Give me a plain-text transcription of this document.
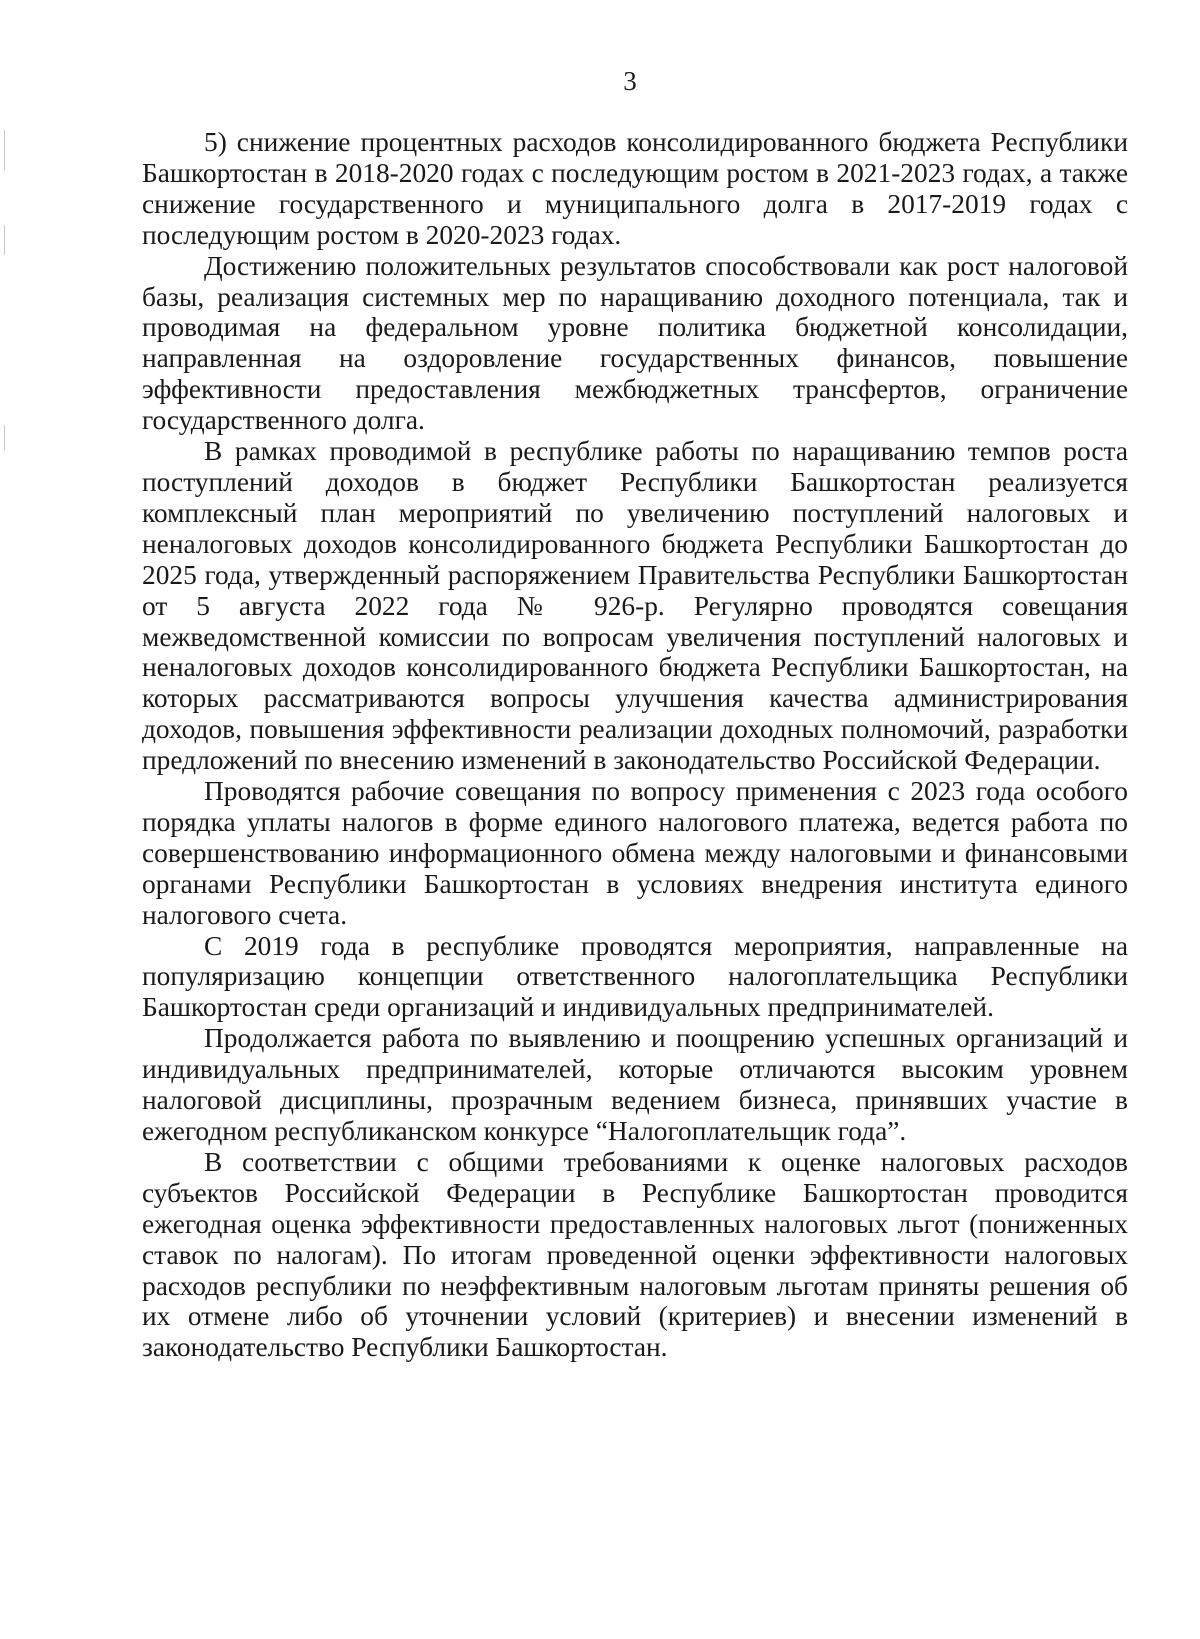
3

5) снижение процентных расходов консолидированного бюджета Республики Башкортостан в 2018-2020 годах с последующим ростом в 2021-2023 годах, а также снижение государственного и муниципального долга в 2017-2019 годах с последующим ростом в 2020-2023 годах.

Достижению положительных результатов способствовали как рост налоговой базы, реализация системных мер по наращиванию доходного потенциала, так и проводимая на федеральном уровне политика бюджетной консолидации, направленная на оздоровление государственных финансов, повышение эффективности предоставления межбюджетных трансфертов, ограничение государственного долга.

В рамках проводимой в республике работы по наращиванию темпов роста поступлений доходов в бюджет Республики Башкортостан реализуется комплексный план мероприятий по увеличению поступлений налоговых и неналоговых доходов консолидированного бюджета Республики Башкортостан до 2025 года, утвержденный распоряжением Правительства Республики Башкортостан от 5 августа 2022 года № 926-р. Регулярно проводятся совещания межведомственной комиссии по вопросам увеличения поступлений налоговых и неналоговых доходов консолидированного бюджета Республики Башкортостан, на которых рассматриваются вопросы улучшения качества администрирования доходов, повышения эффективности реализации доходных полномочий, разработки предложений по внесению изменений в законодательство Российской Федерации.

Проводятся рабочие совещания по вопросу применения с 2023 года особого порядка уплаты налогов в форме единого налогового платежа, ведется работа по совершенствованию информационного обмена между налоговыми и финансовыми органами Республики Башкортостан в условиях внедрения института единого налогового счета.

С 2019 года в республике проводятся мероприятия, направленные на популяризацию концепции ответственного налогоплательщика Республики Башкортостан среди организаций и индивидуальных предпринимателей.

Продолжается работа по выявлению и поощрению успешных организаций и индивидуальных предпринимателей, которые отличаются высоким уровнем налоговой дисциплины, прозрачным ведением бизнеса, принявших участие в ежегодном республиканском конкурсе “Налогоплательщик года”.

В соответствии с общими требованиями к оценке налоговых расходов субъектов Российской Федерации в Республике Башкортостан проводится ежегодная оценка эффективности предоставленных налоговых льгот (пониженных ставок по налогам). По итогам проведенной оценки эффективности налоговых расходов республики по неэффективным налоговым льготам приняты решения об их отмене либо об уточнении условий (критериев) и внесении изменений в законодательство Республики Башкортостан.
